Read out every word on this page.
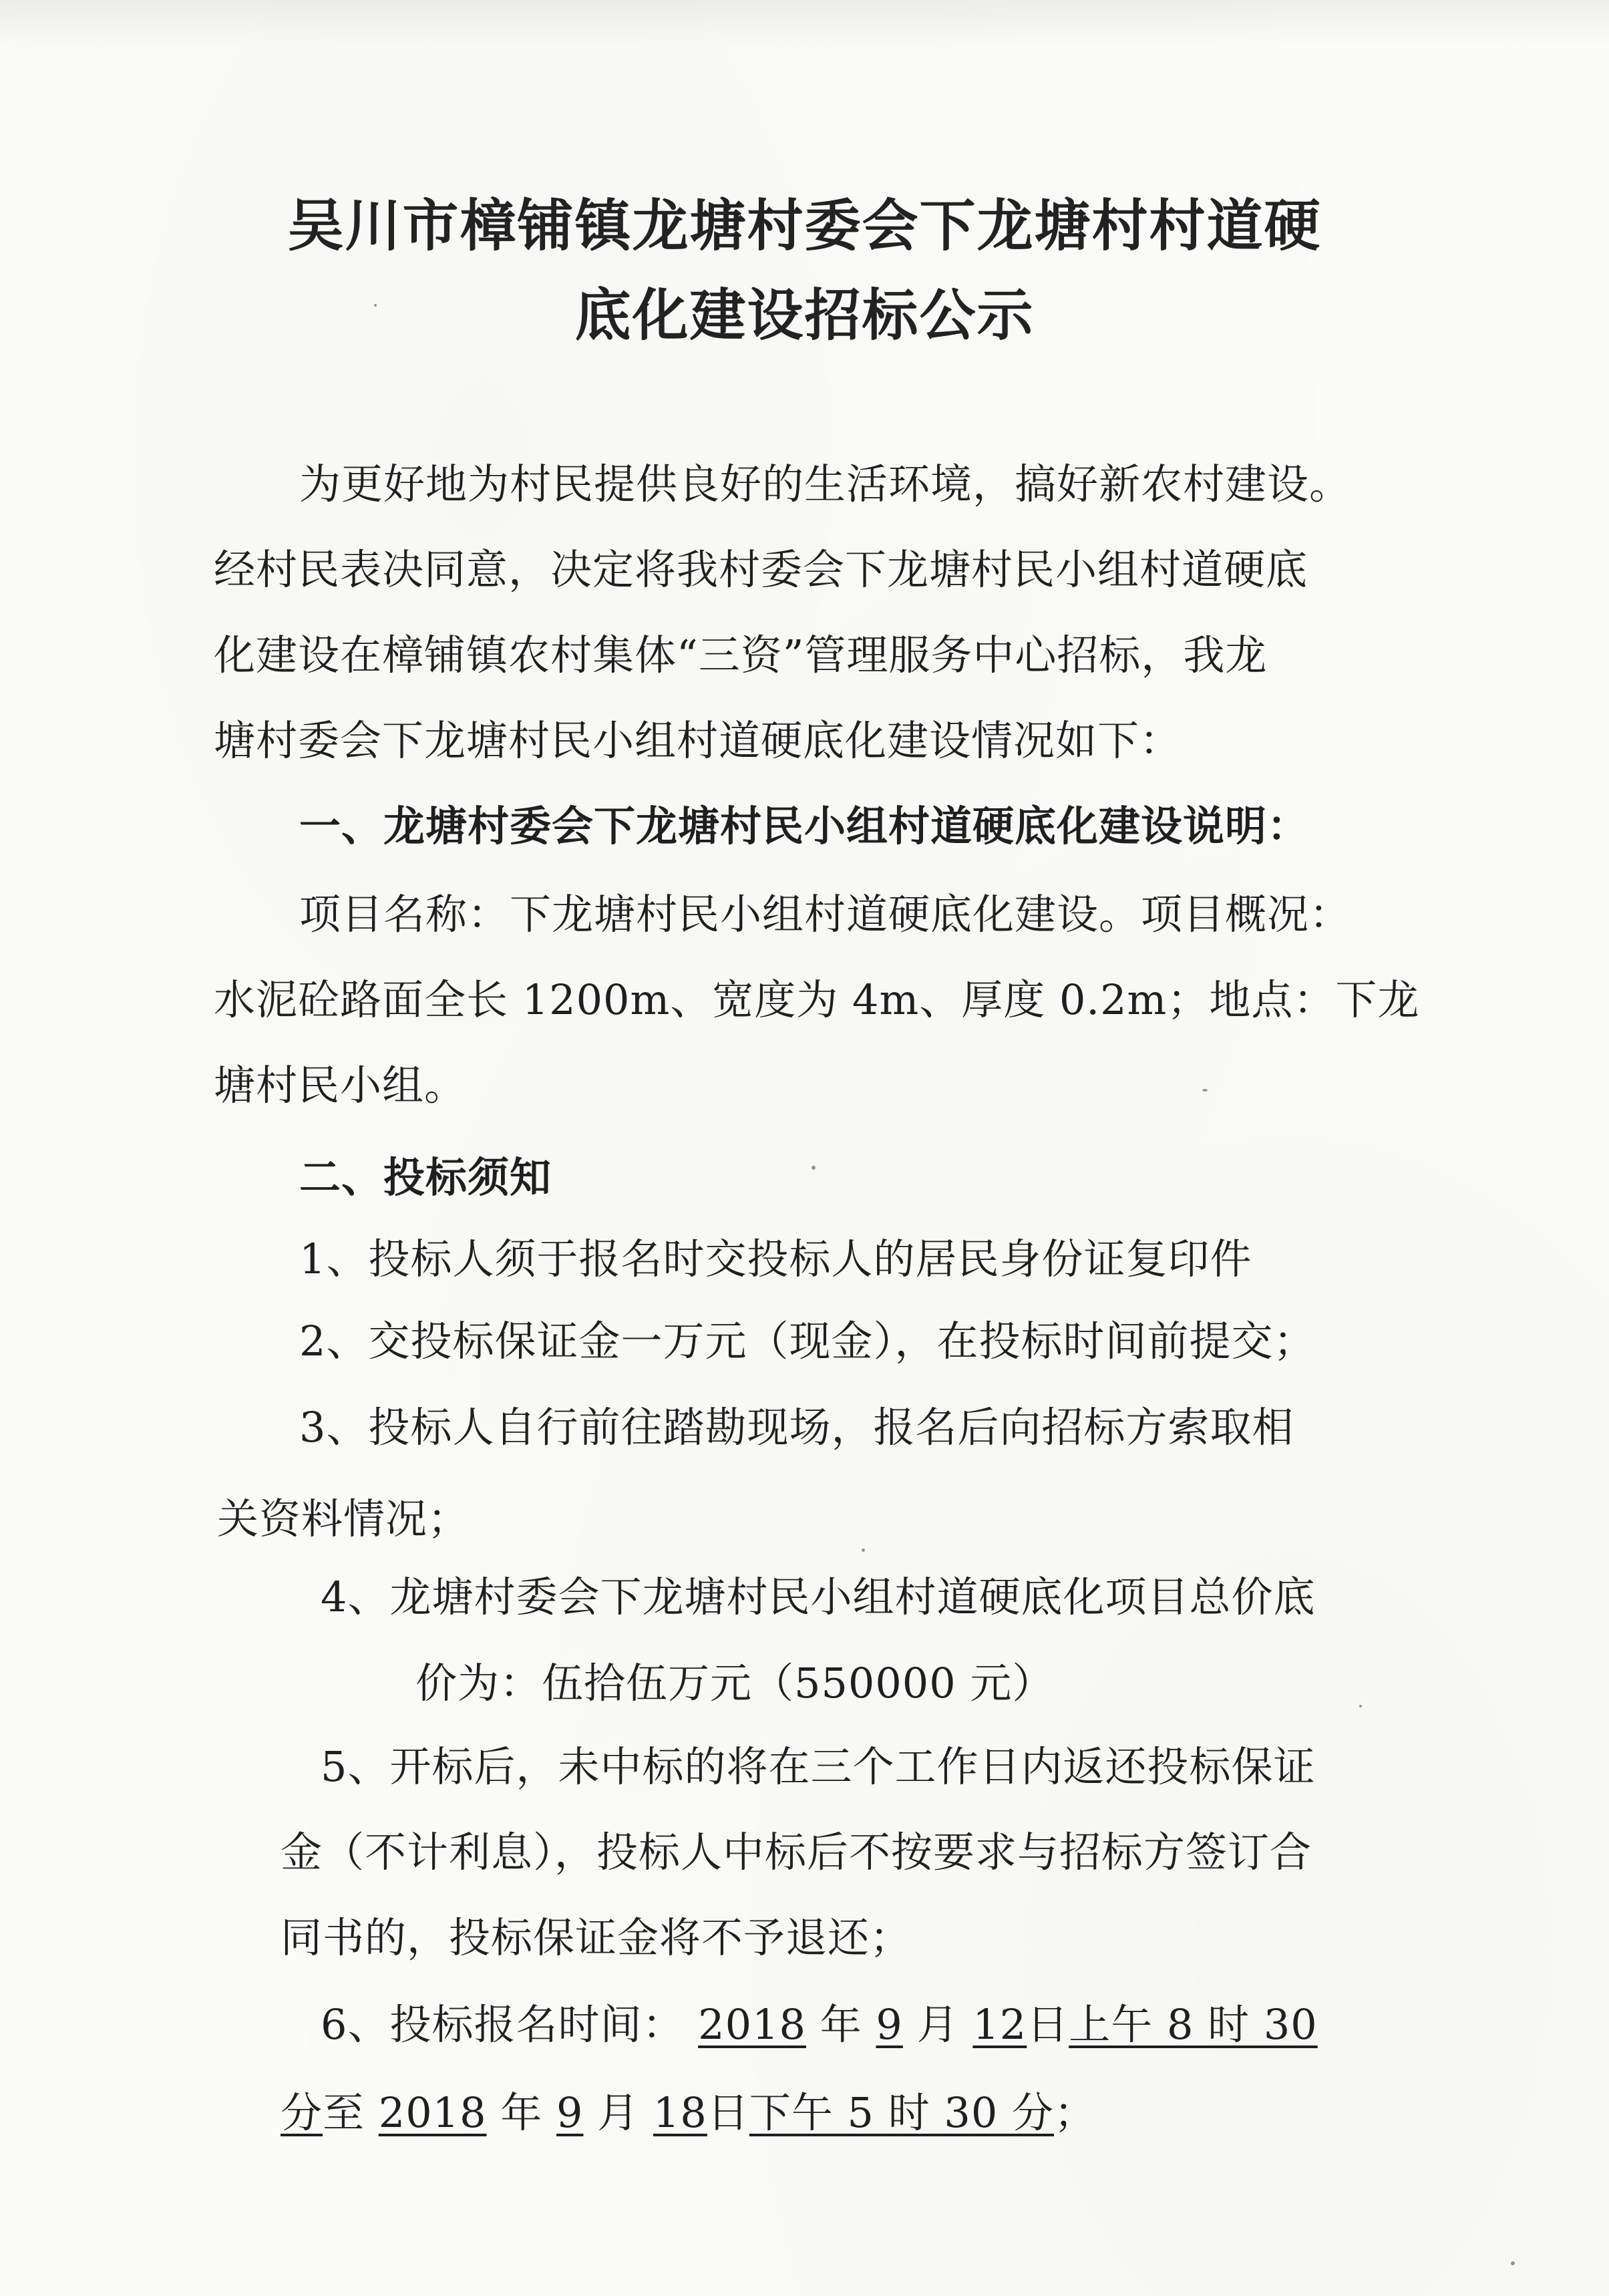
吴川市樟铺镇龙塘村委会下龙塘村村道硬
底化建设招标公示
为更好地为村民提供良好的生活环境，搞好新农村建设。
经村民表决同意，决定将我村委会下龙塘村民小组村道硬底
化建设在樟铺镇农村集体“三资”管理服务中心招标，我龙
塘村委会下龙塘村民小组村道硬底化建设情况如下：
一、龙塘村委会下龙塘村民小组村道硬底化建设说明：
项目名称：下龙塘村民小组村道硬底化建设。项目概况：
水泥砼路面全长 1200m、宽度为 4m、厚度 0.2m；地点：下龙
塘村民小组。
二、投标须知
1、投标人须于报名时交投标人的居民身份证复印件
2、交投标保证金一万元（现金），在投标时间前提交；
3、投标人自行前往踏勘现场，报名后向招标方索取相
关资料情况；
4、龙塘村委会下龙塘村民小组村道硬底化项目总价底
价为：伍拾伍万元（550000 元）
5、开标后，未中标的将在三个工作日内返还投标保证
金（不计利息），投标人中标后不按要求与招标方签订合
同书的，投标保证金将不予退还；
6、投标报名时间： 2018 年 9 月 12日上午 8 时 30
分至 2018 年 9 月 18日下午 5 时 30 分；
